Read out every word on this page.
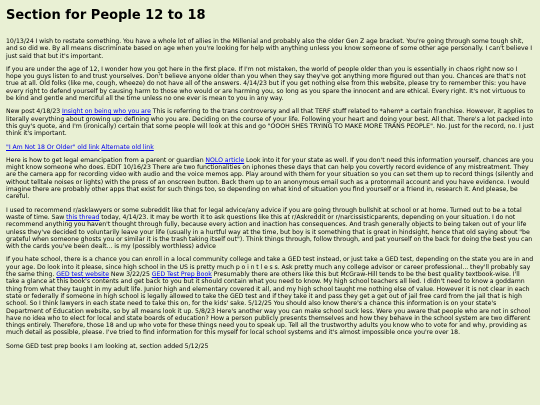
Section for People 12 to 18

10/13/24 I wish to restate something. You have a whole lot of allies in the Millenial and probably also the older Gen Z age bracket. You're going through some tough shit, and so did we. By all means discriminate based on age when you're looking for help with anything unless you know someone of some other age personally. I can't believe I just said that but it's important.

If you are under the age of 12, I wonder how you got here in the first place. If I'm not mistaken, the world of people older than you is essentially in chaos right now so I hope you guys listen to and trust yourselves. Don't believe anyone older than you when they say they've got anything more figured out than you. Chances are that's not true at all. Old folks (like me, cough, wheeze) do not have all of the answers. 4/14/23 but if you get nothing else from this website, please try to remember this: you have every right to defend yourself by causing harm to those who would or are harming you, so long as you spare the innocent and are ethical. Every right. It's not virtuous to be kind and gentle and merciful all the time unless no one ever is mean to you in any way.

New post 4/18/23 Insight on being who you are This is referring to the trans controversy and all that TERF stuff related to *ahem* a certain franchise. However, it applies to literally everything about growing up: defining who you are. Deciding on the course of your life. Following your heart and doing your best. All that. There's a lot packed into this guy's quote, and I'm (ironically) certain that some people will look at this and go "OOOH SHES TRYING TO MAKE MORE TRANS PEOPLE". No. Just for the record, no. I just think it's important.

"I Am Not 18 Or Older" old link Alternate old link

Here is how to get legal emancipation from a parent or guardian NOLO article Look into it for your state as well. If you don't need this information yourself, chances are you might know someone who does. EDIT 10/16/23 There are two functionalities on iphones these days that can help you covertly record evidence of any mistreatment. They are the camera app for recording video with audio and the voice memos app. Play around with them for your situation so you can set them up to record things (silently and without telltale noises or lights) with the press of an onscreen button. Back them up to an anonymous email such as a protonmail account and you have evidence. I would imagine there are probably other apps that exist for such things too, so depending on what kind of situation you find yourself or a friend in, research it. And please, be careful.

I used to recommend r/asklawyers or some subreddit like that for legal advice/any advice if you are going through bullshit at school or at home. Turned out to be a total waste of time. Saw this thread today, 4/14/23. It may be worth it to ask questions like this at r/Askreddit or r/narcissisticparents, depending on your situation. I do not recommend anything you haven't thought through fully, because every action and inaction has consequences. And trash generally objects to being taken out of your life unless they've decided to voluntarily leave your life (usually in a hurtful way at the time, but boy is it something that is great in hindsight, hence that old saying about "be grateful when someone ghosts you or similar it is the trash taking itself out"). Think things through, follow through, and pat yourself on the back for doing the best you can with the cards you've been dealt... is my (possibly worthless) advice

If you hate school, there is a chance you can enroll in a local community college and take a GED test instead, or just take a GED test, depending on the state you are in and your age. Do look into it please, since high school in the US is pretty much p o i n t l e s s. Ask pretty much any college advisor or career professional... they'll probably say the same thing. GED test website New 3/22/25 GED Test Prep Book Presumably there are others like this but McGraw-Hill tends to be the best quality textbook-wise. I'll take a glance at this book's contents and get back to you but it should contain what you need to know. My high school teachers all lied. I didn't need to know a goddamn thing from what they taught in my adult life. Junior high and elementary covered it all, and my high school taught me nothing else of value. However it is not clear in each state or federally if someone in high school is legally allowed to take the GED test and if they take it and pass they get a get out of jail free card from the jail that is high school. So I think lawyers in each state need to take this on, for the kids' sake. 5/12/25 You should also know there's a chance this information is on your state's Department of Education website, so by all means look it up. 5/8/23 Here's another way you can make school suck less. Were you aware that people who are not in school have no idea who to elect for local and state boards of education? How a person publicly presents themselves and how they behave in the school system are two different things entirely. Therefore, those 18 and up who vote for these things need you to speak up. Tell all the trustworthy adults you know who to vote for and why, providing as much detail as possible, please. I've tried to find information for this myself for local school systems and it's almost impossible once you're over 18.

Some GED test prep books I am looking at, section added 5/12/25
